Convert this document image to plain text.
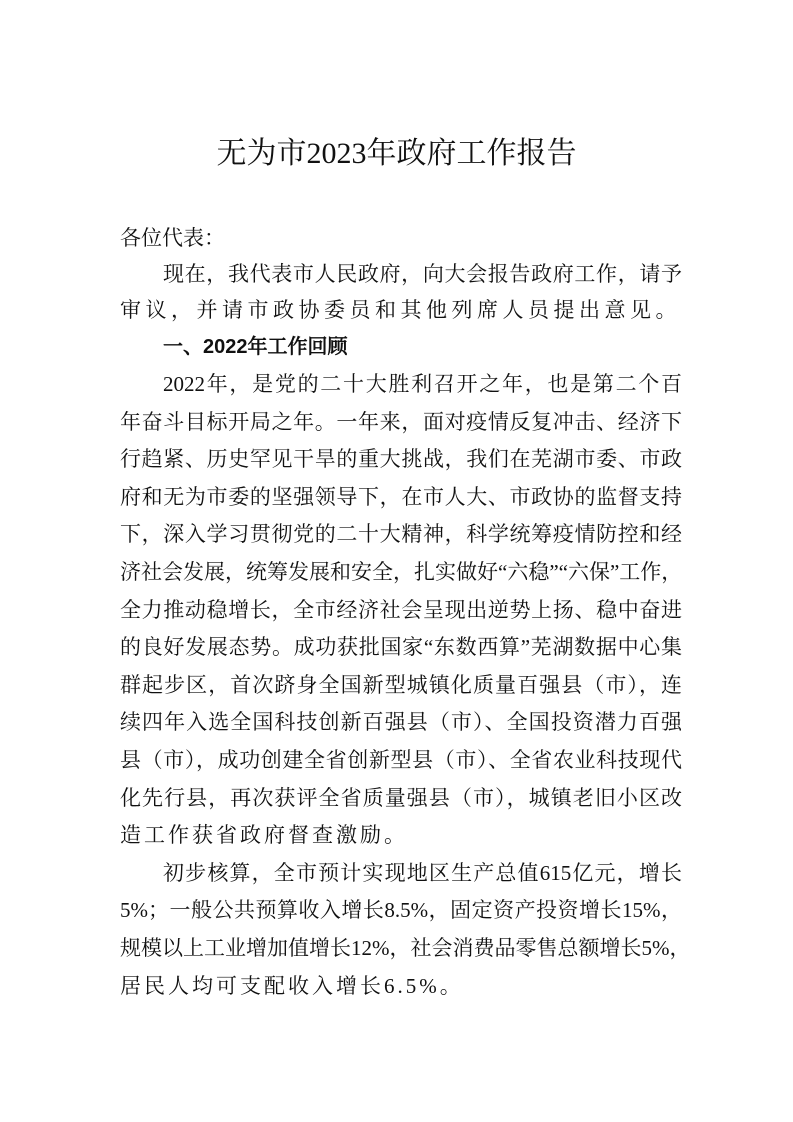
无为市2023年政府工作报告
各位代表：
现在，我代表市人民政府，向大会报告政府工作，请予
审议，并请市政协委员和其他列席人员提出意见。
一、2022年工作回顾
2022年，是党的二十大胜利召开之年，也是第二个百
年奋斗目标开局之年。一年来，面对疫情反复冲击、经济下
行趋紧、历史罕见干旱的重大挑战，我们在芜湖市委、市政
府和无为市委的坚强领导下，在市人大、市政协的监督支持
下，深入学习贯彻党的二十大精神，科学统筹疫情防控和经
济社会发展，统筹发展和安全，扎实做好“六稳”“六保”工作，
全力推动稳增长，全市经济社会呈现出逆势上扬、稳中奋进
的良好发展态势。成功获批国家“东数西算”芜湖数据中心集
群起步区，首次跻身全国新型城镇化质量百强县（市），连
续四年入选全国科技创新百强县（市）、全国投资潜力百强
县（市），成功创建全省创新型县（市）、全省农业科技现代
化先行县，再次获评全省质量强县（市），城镇老旧小区改
造工作获省政府督查激励。
初步核算，全市预计实现地区生产总值615亿元，增长
5%；一般公共预算收入增长8.5%，固定资产投资增长15%，
规模以上工业增加值增长12%，社会消费品零售总额增长5%，
居民人均可支配收入增长6.5%。
